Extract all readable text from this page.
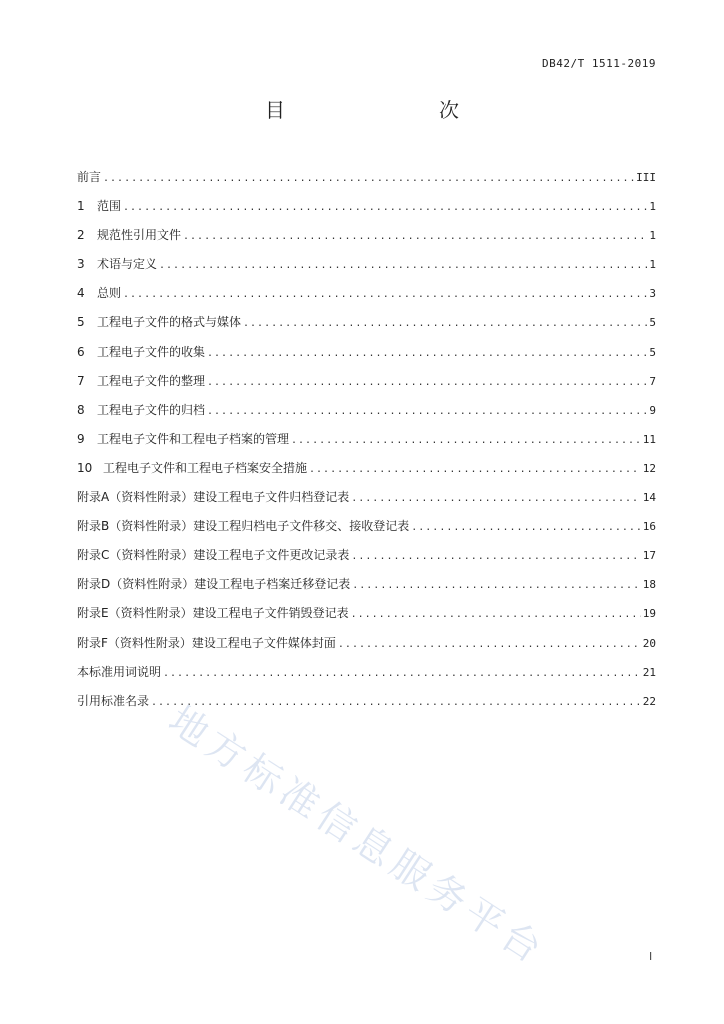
DB42/T 1511-2019
目　　次
前言 .....	III
1	范围 .....	1
2	规范性引用文件 .....	1
3	术语与定义 .....	1
4	总则 .....	3
5	工程电子文件的格式与媒体 .....	5
6	工程电子文件的收集 .....	5
7	工程电子文件的整理 .....	7
8	工程电子文件的归档 .....	9
9	工程电子文件和工程电子档案的管理 .....	11
10 工程电子文件和工程电子档案安全措施 .....	12
附录A（资料性附录）建设工程电子文件归档登记表 .....	14
附录B（资料性附录）建设工程归档电子文件移交、接收登记表 .....	16
附录C（资料性附录）建设工程电子文件更改记录表 .....	17
附录D（资料性附录）建设工程电子档案迁移登记表 .....	18
附录E（资料性附录）建设工程电子文件销毁登记表 .....	19
附录F（资料性附录）建设工程电子文件媒体封面 .....	20
本标准用词说明 .....	21
引用标准名录 .....	22
地方标准信息服务平台	I
